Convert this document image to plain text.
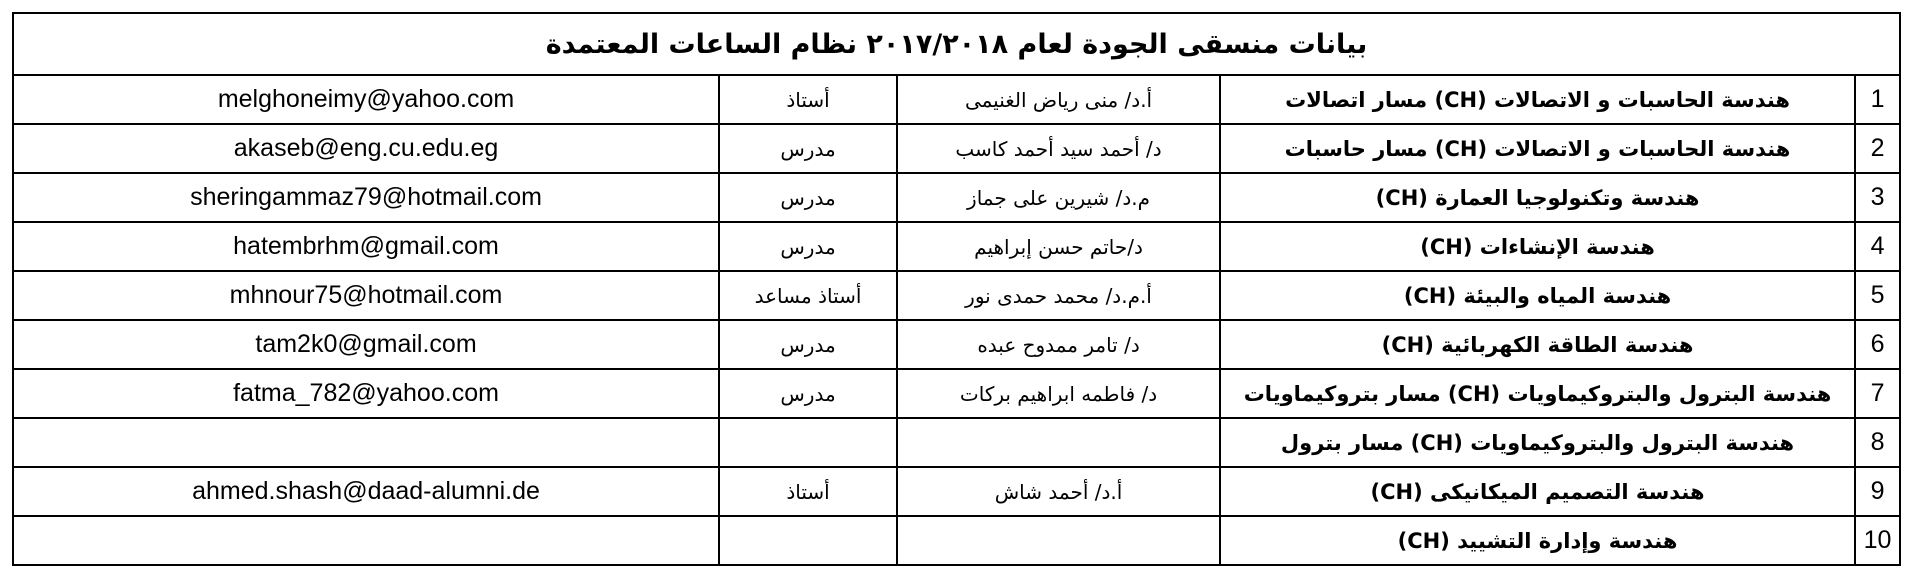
بيانات منسقى الجودة لعام ٢٠١٧/٢٠١٨ نظام الساعات المعتمدة				
1	هندسة الحاسبات و الاتصالات (CH) مسار اتصالات	أ.د/ منى رياض الغنيمى	أستاذ	melghoneimy@yahoo.com
2	هندسة الحاسبات و الاتصالات (CH) مسار حاسبات	د/ أحمد سيد أحمد كاسب	مدرس	akaseb@eng.cu.edu.eg
3	هندسة وتكنولوجيا العمارة (CH)	م.د/ شيرين على جماز	مدرس	sheringammaz79@hotmail.com
4	هندسة الإنشاءات (CH)	د/حاتم حسن إبراهيم	مدرس	hatembrhm@gmail.com
5	هندسة المياه والبيئة (CH)	أ.م.د/ محمد حمدى نور	أستاذ مساعد	mhnour75@hotmail.com
6	هندسة الطاقة الكهربائية (CH)	د/ تامر ممدوح عبده	مدرس	tam2k0@gmail.com
7	هندسة البترول والبتروكيماويات (CH) مسار بتروكيماويات	د/ فاطمه ابراهيم بركات	مدرس	fatma_782@yahoo.com
8	هندسة البترول والبتروكيماويات (CH) مسار بترول			
9	هندسة التصميم الميكانيكى (CH)	أ.د/ أحمد شاش	أستاذ	ahmed.shash@daad-alumni.de
10	هندسة وإدارة التشييد (CH)			
